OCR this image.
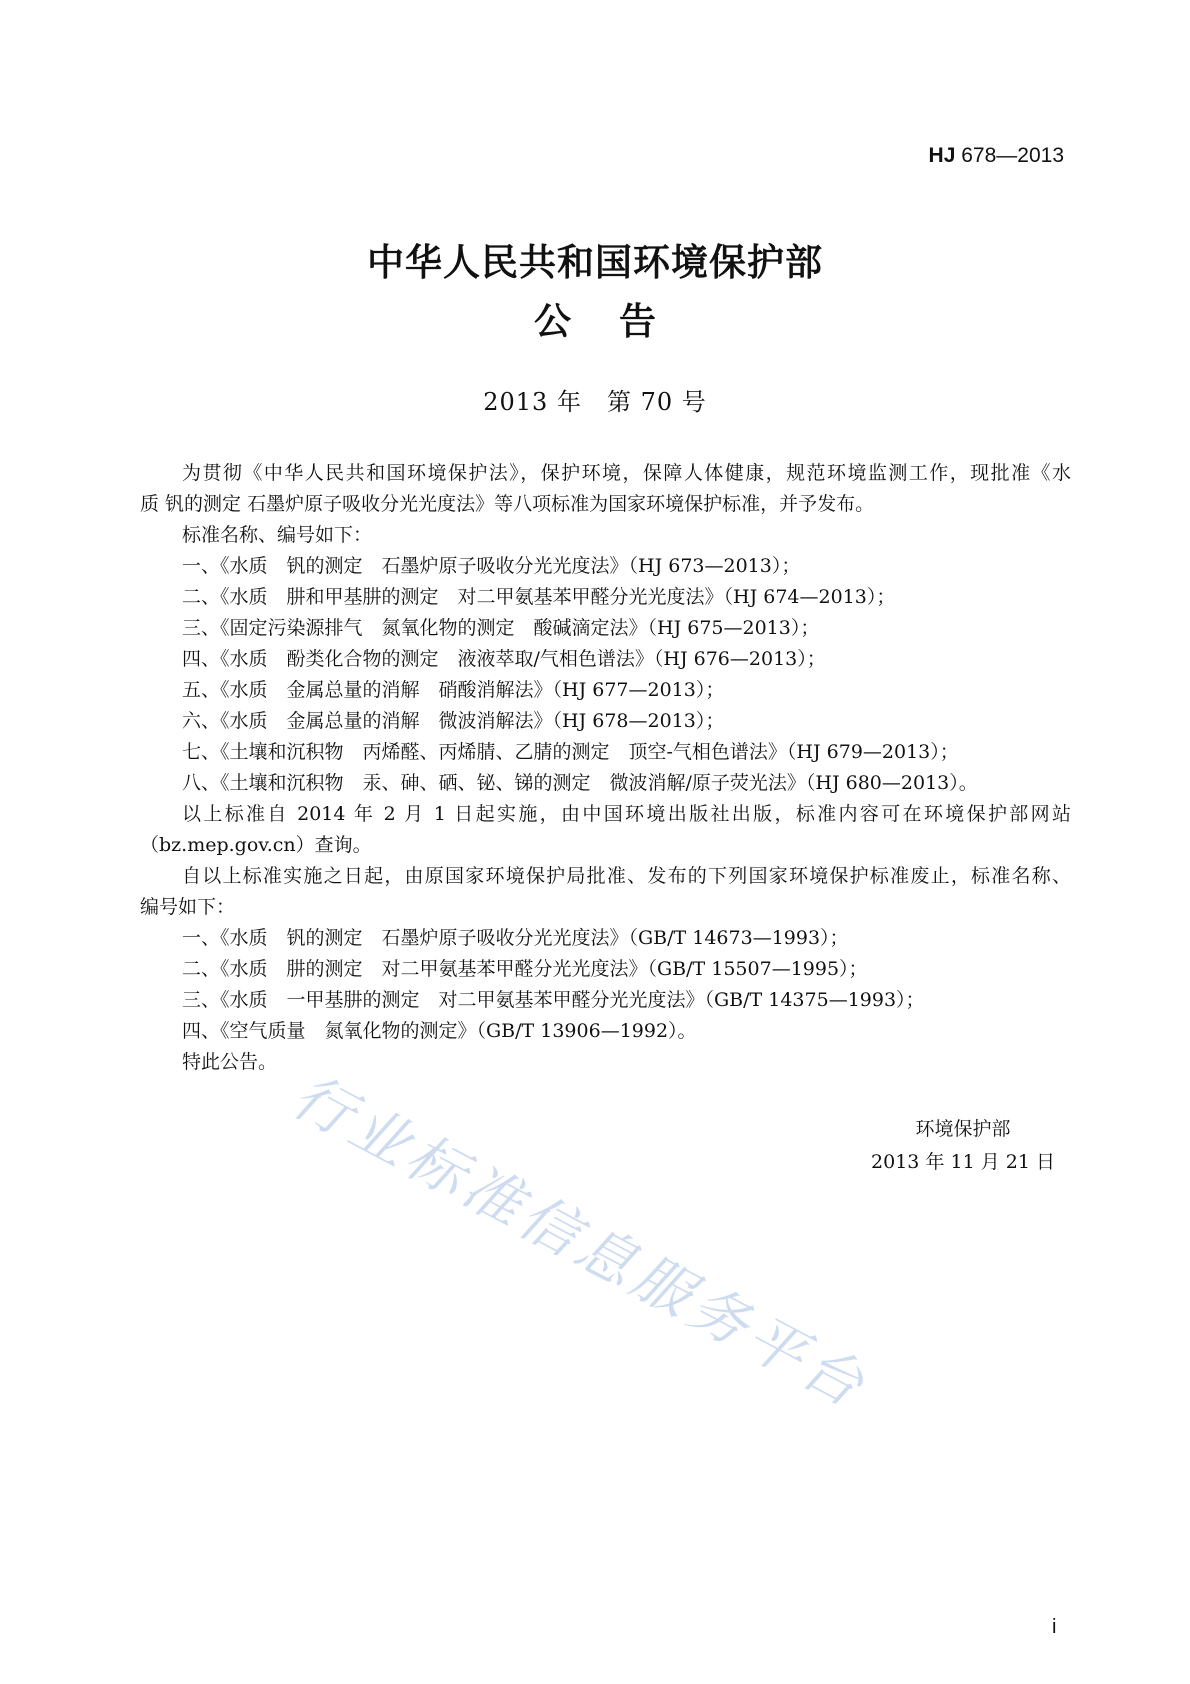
HJ 678—2013
中华人民共和国环境保护部
公告
2013 年　第 70 号
为贯彻《中华人民共和国环境保护法》，保护环境，保障人体健康，规范环境监测工作，现批准《水
质 钒的测定 石墨炉原子吸收分光光度法》等八项标准为国家环境保护标准，并予发布。
标准名称、编号如下：
一、《水质　钒的测定　石墨炉原子吸收分光光度法》（HJ 673—2013）；
二、《水质　肼和甲基肼的测定　对二甲氨基苯甲醛分光光度法》（HJ 674—2013）；
三、《固定污染源排气　氮氧化物的测定　酸碱滴定法》（HJ 675—2013）；
四、《水质　酚类化合物的测定　液液萃取/气相色谱法》（HJ 676—2013）；
五、《水质　金属总量的消解　硝酸消解法》（HJ 677—2013）；
六、《水质　金属总量的消解　微波消解法》（HJ 678—2013）；
七、《土壤和沉积物　丙烯醛、丙烯腈、乙腈的测定　顶空-气相色谱法》（HJ 679—2013）；
八、《土壤和沉积物　汞、砷、硒、铋、锑的测定　微波消解/原子荧光法》（HJ 680—2013）。
以上标准自 2014 年 2 月 1 日起实施，由中国环境出版社出版，标准内容可在环境保护部网站
（bz.mep.gov.cn）查询。
自以上标准实施之日起，由原国家环境保护局批准、发布的下列国家环境保护标准废止，标准名称、
编号如下：
一、《水质　钒的测定　石墨炉原子吸收分光光度法》（GB/T 14673—1993）；
二、《水质　肼的测定　对二甲氨基苯甲醛分光光度法》（GB/T 15507—1995）；
三、《水质　一甲基肼的测定　对二甲氨基苯甲醛分光光度法》（GB/T 14375—1993）；
四、《空气质量　氮氧化物的测定》（GB/T 13906—1992）。
特此公告。
环境保护部
2013 年 11 月 21 日
行业标准信息服务平台
i
